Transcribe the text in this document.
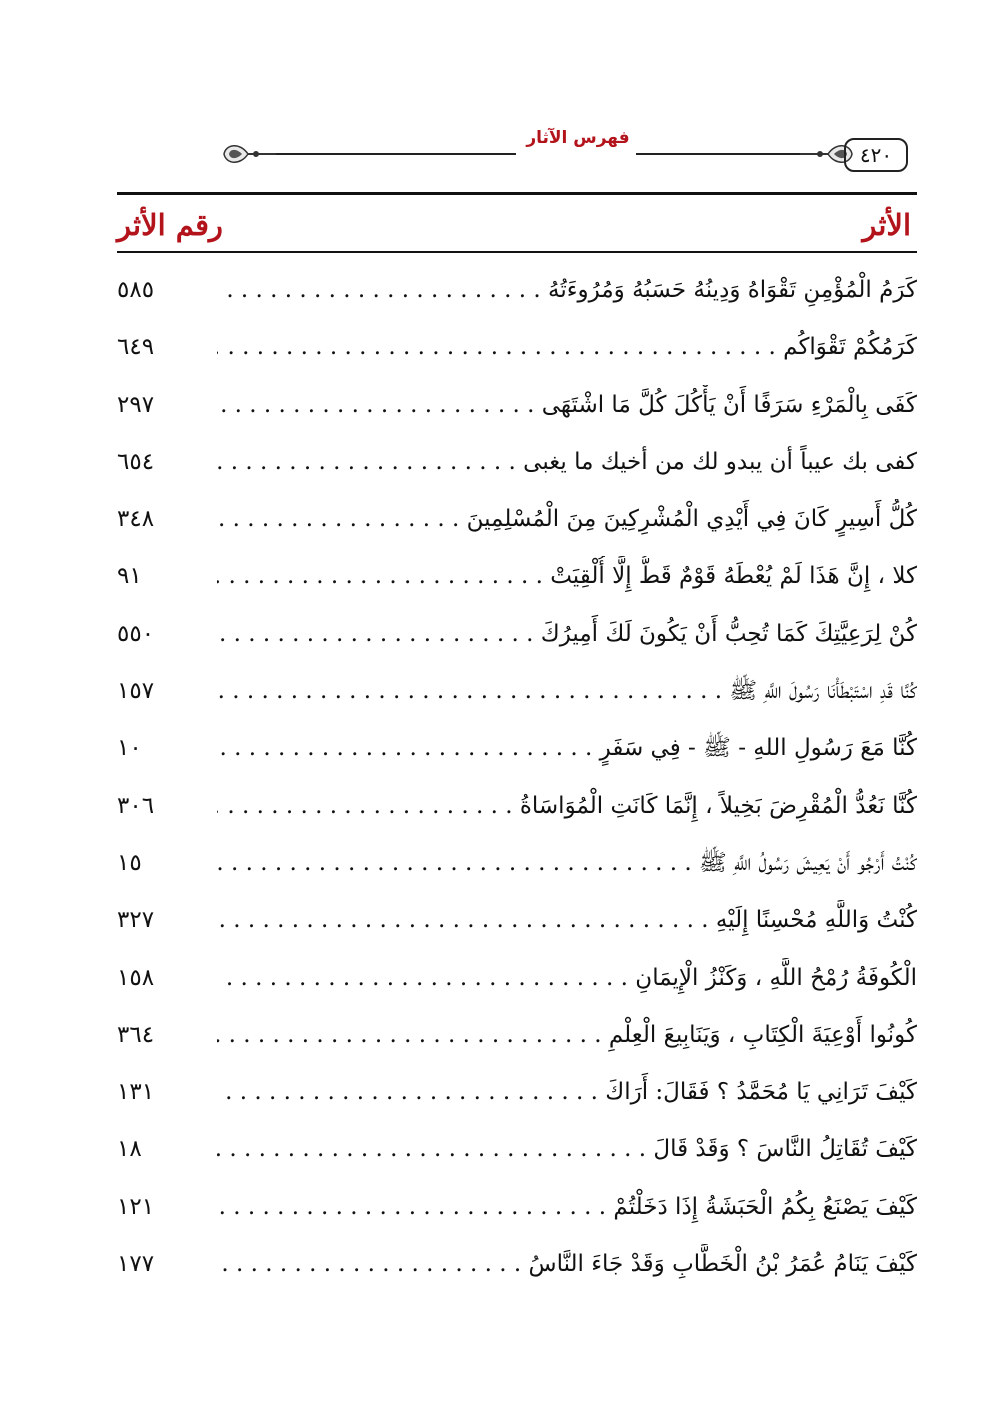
فهرس الآثار
٤٢٠
الأثر
رقم الأثر
كَرَمُ الْمُؤْمِنِ تَقْوَاهُ وَدِينُهُ حَسَبُهُ وَمُرُوءَتُهُ . . .
٥٨٥
كَرَمُكُمْ تَقْوَاكُم . . .
٦٤٩
كَفَى بِالْمَرْءِ سَرَفًا أَنْ يَأْكُلَ كُلَّ مَا اشْتَهَى . . .
٢٩٧
كفى بك عيباً أن يبدو لك من أخيك ما يغبى . . .
٦٥٤
كُلُّ أَسِيرٍ كَانَ فِي أَيْدِي الْمُشْرِكِينَ مِنَ الْمُسْلِمِينَ . . .
٣٤٨
كلا ، إِنَّ هَذَا لَمْ يُعْطَهُ قَوْمٌ قَطُّ إِلَّا أُلْقِيَتْ . . .
٩١
كُنْ لِرَعِيَّتِكَ كَمَا تُحِبُّ أَنْ يَكُونَ لَكَ أَمِيرُكَ . . .
٥٥٠
كُنَّا قَدِ اسْتَبْطَأْنَا رَسُولَ اللَّهِ ﷺ . . .
١٥٧
كُنَّا مَعَ رَسُولِ اللهِ - ﷺ - فِي سَفَرٍ . . .
١٠
كُنَّا نَعُدُّ الْمُقْرِضَ بَخِيلاً ، إِنَّمَا كَانَتِ الْمُوَاسَاةُ . . .
٣٠٦
كُنْتُ أَرْجُو أَنْ يَعِيشَ رَسُولُ اللَّهِ ﷺ . . .
١٥
كُنْتُ وَاللَّهِ مُحْسِنًا إِلَيْهِ . . .
٣٢٧
الْكُوفَةُ رُمْحُ اللَّهِ ، وَكَنْزُ الْإِيمَانِ . . .
١٥٨
كُونُوا أَوْعِيَةَ الْكِتَابِ ، وَيَنَابِيعَ الْعِلْمِ . . .
٣٦٤
كَيْفَ تَرَانِي يَا مُحَمَّدُ ؟ فَقَالَ: أَرَاكَ . . .
١٣١
كَيْفَ تُقَاتِلُ النَّاسَ ؟ وَقَدْ قَالَ . . .
١٨
كَيْفَ يَصْنَعُ بِكُمُ الْحَبَشَةُ إِذَا دَخَلْتُمْ . . .
١٢١
كَيْفَ يَنَامُ عُمَرُ بْنُ الْخَطَّابِ وَقَدْ جَاءَ النَّاسُ . . .
١٧٧
